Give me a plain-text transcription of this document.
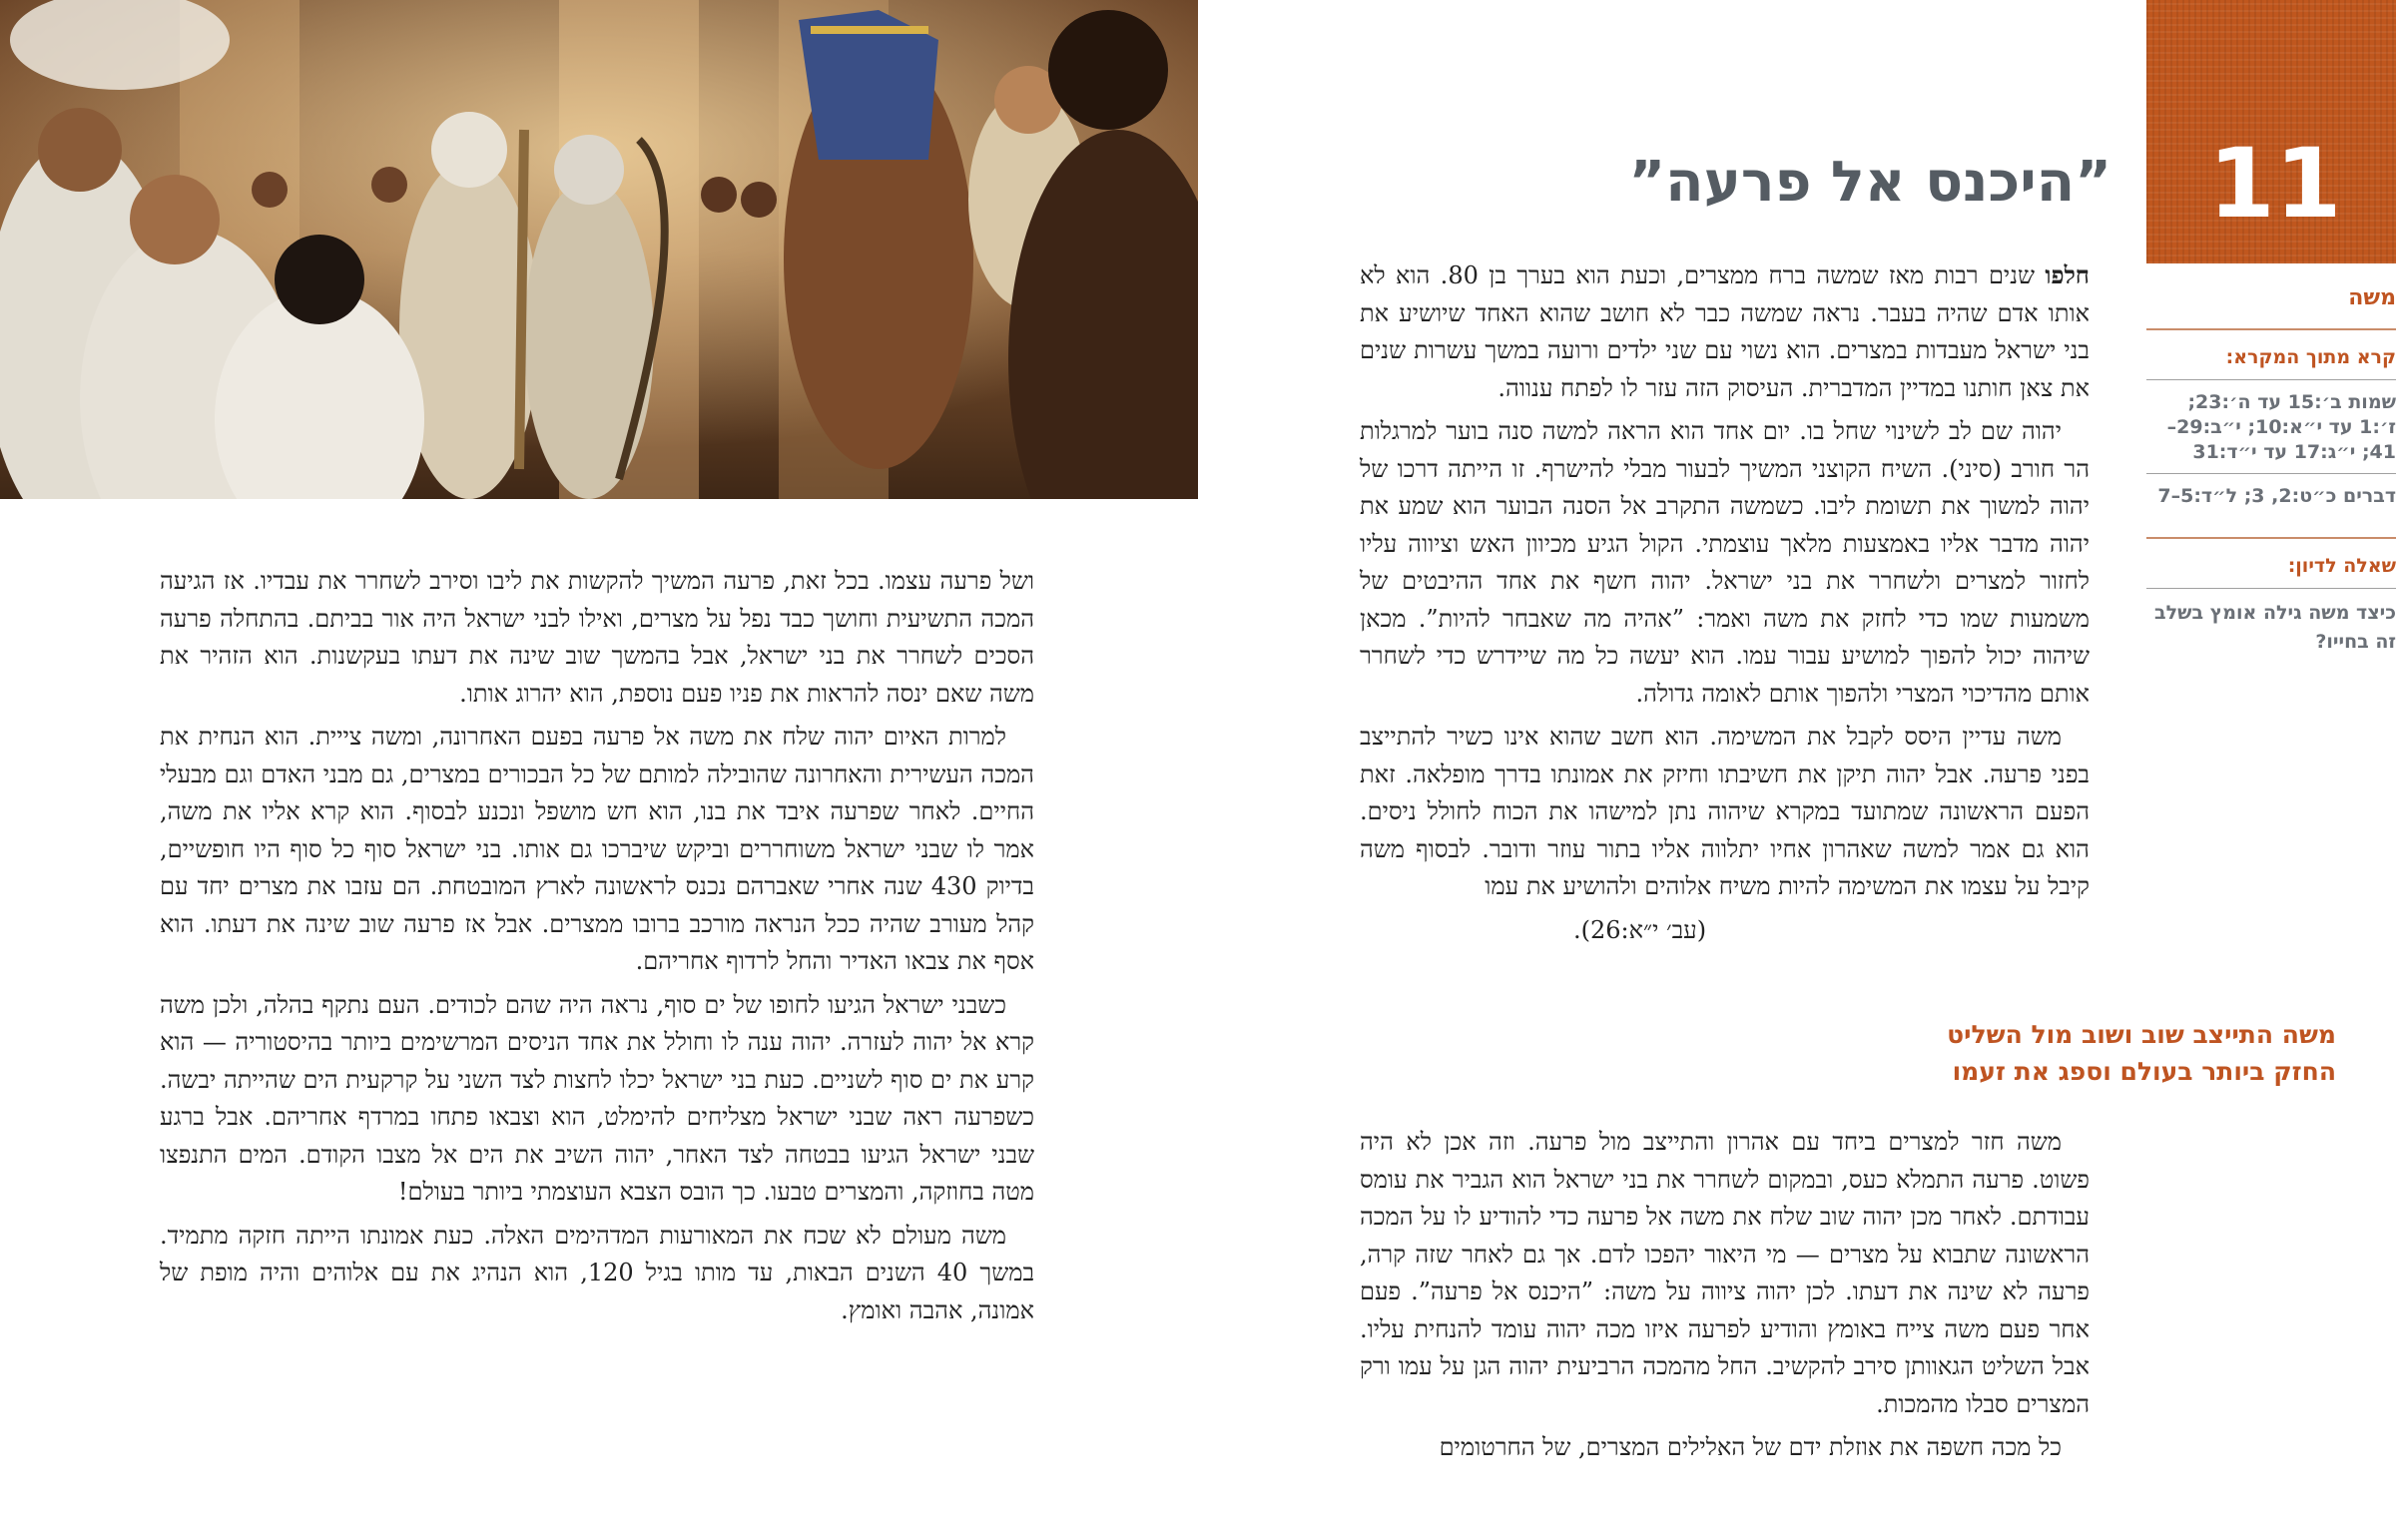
11
”היכנס אל פרעה”
משה
קרא מתוך המקרא:
שמות ב׳:15 עד ה׳:23; ז׳:1 עד י״א:10; י״ב:29–41; י״ג:17 עד י״ד:31
דברים כ״ט:2, 3; ל״ד:5–7
שאלה לדיון:
כיצד משה גילה אומץ בשלב זה בחייו?

חלפו שנים רבות מאז שמשה ברח ממצרים, וכעת הוא בערך בן 80. הוא לא אותו אדם שהיה בעבר. נראה שמשה כבר לא חושב שהוא האחד שיושיע את בני ישראל מעבדות במצרים. הוא נשוי עם שני ילדים ורועה במשך עשרות שנים את צאן חותנו במדיין המדברית. העיסוק הזה עזר לו לפתח ענווה.

יהוה שם לב לשינוי שחל בו. יום אחד הוא הראה למשה סנה בוער למרגלות הר חורב (סיני). השיח הקוצני המשיך לבעור מבלי להישרף. זו הייתה דרכו של יהוה למשוך את תשומת ליבו. כשמשה התקרב אל הסנה הבוער הוא שמע את יהוה מדבר אליו באמצעות מלאך עוצמתי. הקול הגיע מכיוון האש וציווה עליו לחזור למצרים ולשחרר את בני ישראל. יהוה חשף את אחד ההיבטים של משמעות שמו כדי לחזק את משה ואמר: ”אהיה מה שאבחר להיות”. מכאן שיהוה יכול להפוך למושיע עבור עמו. הוא יעשה כל מה שיידרש כדי לשחרר אותם מהדיכוי המצרי ולהפוך אותם לאומה גדולה.

משה עדיין היסס לקבל את המשימה. הוא חשב שהוא אינו כשיר להתייצב בפני פרעה. אבל יהוה תיקן את חשיבתו וחיזק את אמונתו בדרך מופלאה. זאת הפעם הראשונה שמתועד במקרא שיהוה נתן למישהו את הכוח לחולל ניסים. הוא גם אמר למשה שאהרון אחיו יתלווה אליו בתור עוזר ודובר. לבסוף משה קיבל על עצמו את המשימה להיות משיח אלוהים ולהושיע את עמו

(עב׳ י״א:26).

משה התייצב שוב ושוב מול השליט החזק ביותר בעולם וספג את זעמו

משה חזר למצרים ביחד עם אהרון והתייצב מול פרעה. וזה אכן לא היה פשוט. פרעה התמלא כעס, ובמקום לשחרר את בני ישראל הוא הגביר את עומס עבודתם. לאחר מכן יהוה שוב שלח את משה אל פרעה כדי להודיע לו על המכה הראשונה שתבוא על מצרים — מי היאור יהפכו לדם. אך גם לאחר שזה קרה, פרעה לא שינה את דעתו. לכן יהוה ציווה על משה: ”היכנס אל פרעה”. פעם אחר פעם משה צייח באומץ והודיע לפרעה איזו מכה יהוה עומד להנחית עליו. אבל השליט הגאוותן סירב להקשיב. החל מהמכה הרביעית יהוה הגן על עמו ורק המצרים סבלו מהמכות.

כל מכה חשפה את אוזלת ידם של האלילים המצרים, של החרטומים

ושל פרעה עצמו. בכל זאת, פרעה המשיך להקשות את ליבו וסירב לשחרר את עבדיו. אז הגיעה המכה התשיעית וחושך כבד נפל על מצרים, ואילו לבני ישראל היה אור בביתם. בהתחלה פרעה הסכים לשחרר את בני ישראל, אבל בהמשך שוב שינה את דעתו בעקשנות. הוא הזהיר את משה שאם ינסה להראות את פניו פעם נוספת, הוא יהרוג אותו.

למרות האיום יהוה שלח את משה אל פרעה בפעם האחרונה, ומשה צייית. הוא הנחית את המכה העשירית והאחרונה שהובילה למותם של כל הבכורים במצרים, גם מבני האדם וגם מבעלי החיים. לאחר שפרעה איבד את בנו, הוא חש מושפל ונכנע לבסוף. הוא קרא אליו את משה, אמר לו שבני ישראל משוחררים וביקש שיברכו גם אותו. בני ישראל סוף כל סוף היו חופשיים, בדיוק 430 שנה אחרי שאברהם נכנס לראשונה לארץ המובטחת. הם עזבו את מצרים יחד עם קהל מעורב שהיה ככל הנראה מורכב ברובו ממצרים. אבל אז פרעה שוב שינה את דעתו. הוא אסף את צבאו האדיר והחל לרדוף אחריהם.

כשבני ישראל הגיעו לחופו של ים סוף, נראה היה שהם לכודים. העם נתקף בהלה, ולכן משה קרא אל יהוה לעזרה. יהוה ענה לו וחולל את אחד הניסים המרשימים ביותר בהיסטוריה — הוא קרע את ים סוף לשניים. כעת בני ישראל יכלו לחצות לצד השני על קרקעית הים שהייתה יבשה. כשפרעה ראה שבני ישראל מצליחים להימלט, הוא וצבאו פתחו במרדף אחריהם. אבל ברגע שבני ישראל הגיעו בבטחה לצד האחר, יהוה השיב את הים אל מצבו הקודם. המים התנפצו מטה בחוזקה, והמצרים טבעו. כך הובס הצבא העוצמתי ביותר בעולם!

משה מעולם לא שכח את המאורעות המדהימים האלה. כעת אמונתו הייתה חזקה מתמיד. במשך 40 השנים הבאות, עד מותו בגיל 120, הוא הנהיג את עם אלוהים והיה מופת של אמונה, אהבה ואומץ.
